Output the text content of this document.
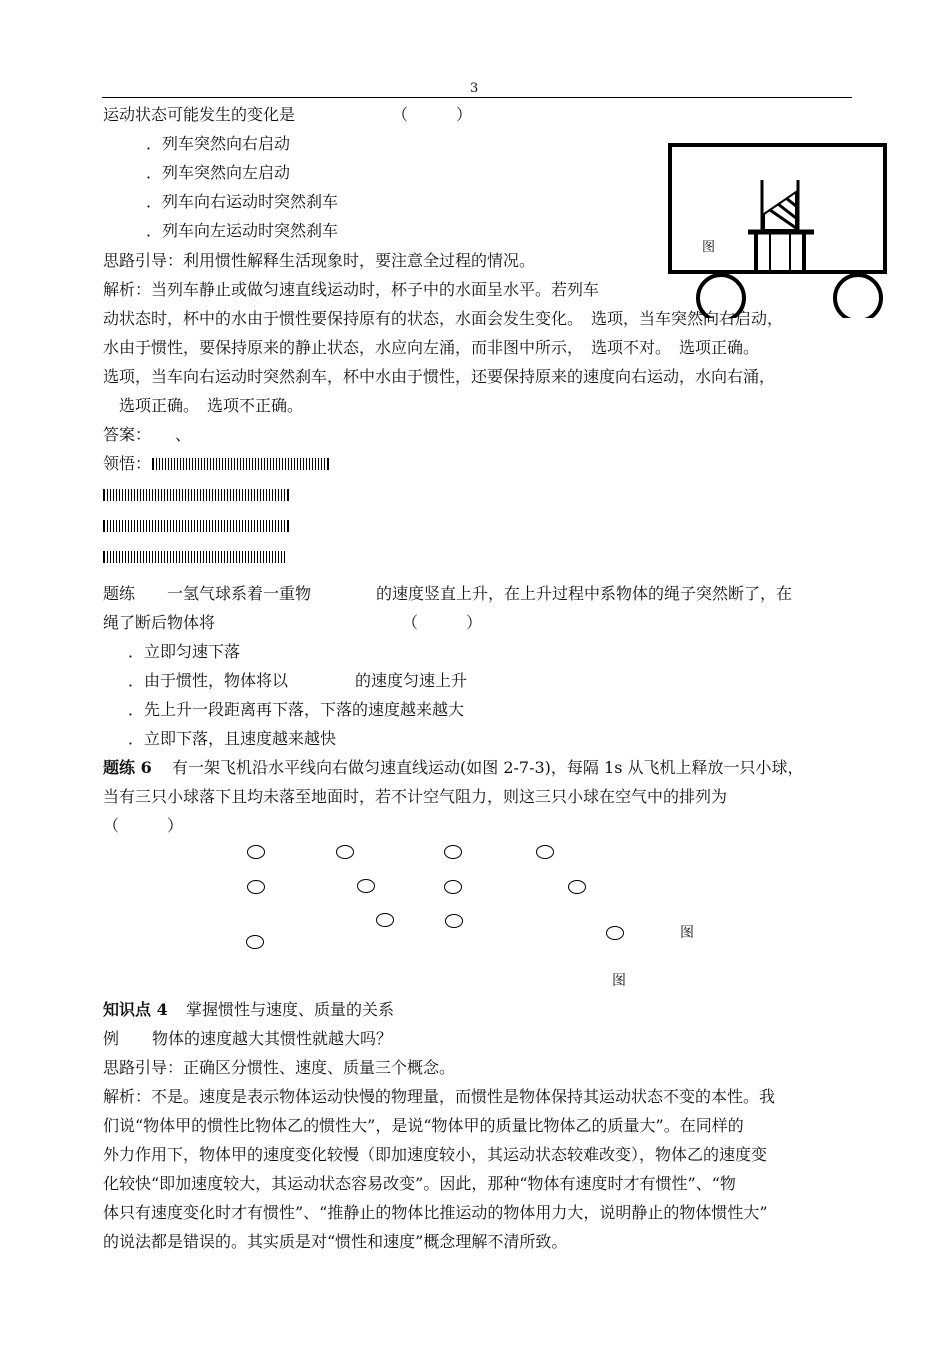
3
运动状态可能发生的变化是	（　　　）
．列车突然向右启动
．列车突然向左启动
．列车向右运动时突然刹车
．列车向左运动时突然刹车
图
思路引导：利用惯性解释生活现象时，要注意全过程的情况。
解析：当列车静止或做匀速直线运动时，杯子中的水面呈水平。若列车
动状态时，杯中的水由于惯性要保持原有的状态，水面会发生变化。　选项，当车突然向右启动，
水由于惯性，要保持原来的静止状态，水应向左涌，而非图中所示，　选项不对。　选项正确。
选项，当车向右运动时突然刹车，杯中水由于惯性，还要保持原来的速度向右运动，水向右涌，
　选项正确。　选项不正确。
答案：　　、
领悟：
题练　　一氢气球系着一重物	的速度竖直上升，在上升过程中系物体的绳子突然断了，在
绳了断后物体将	（　　　）
．立即匀速下落
．由于惯性，物体将以	的速度匀速上升
．先上升一段距离再下落，下落的速度越来越大
．立即下落，且速度越来越快
题练 6 有一架飞机沿水平线向右做匀速直线运动(如图 2-7-3)，每隔 1s 从飞机上释放一只小球，
当有三只小球落下且均未落至地面时，若不计空气阻力，则这三只小球在空气中的排列为
（　　　）
图
图
知识点 4 掌握惯性与速度、质量的关系
例 物体的速度越大其惯性就越大吗？
思路引导：正确区分惯性、速度、质量三个概念。
解析：不是。速度是表示物体运动快慢的物理量，而惯性是物体保持其运动状态不变的本性。我
们说“物体甲的惯性比物体乙的惯性大”，是说“物体甲的质量比物体乙的质量大”。在同样的
外力作用下，物体甲的速度变化较慢（即加速度较小，其运动状态较难改变），物体乙的速度变
化较快“即加速度较大，其运动状态容易改变”。因此，那种“物体有速度时才有惯性”、“物
体只有速度变化时才有惯性”、“推静止的物体比推运动的物体用力大，说明静止的物体惯性大”
的说法都是错误的。其实质是对“惯性和速度”概念理解不清所致。
